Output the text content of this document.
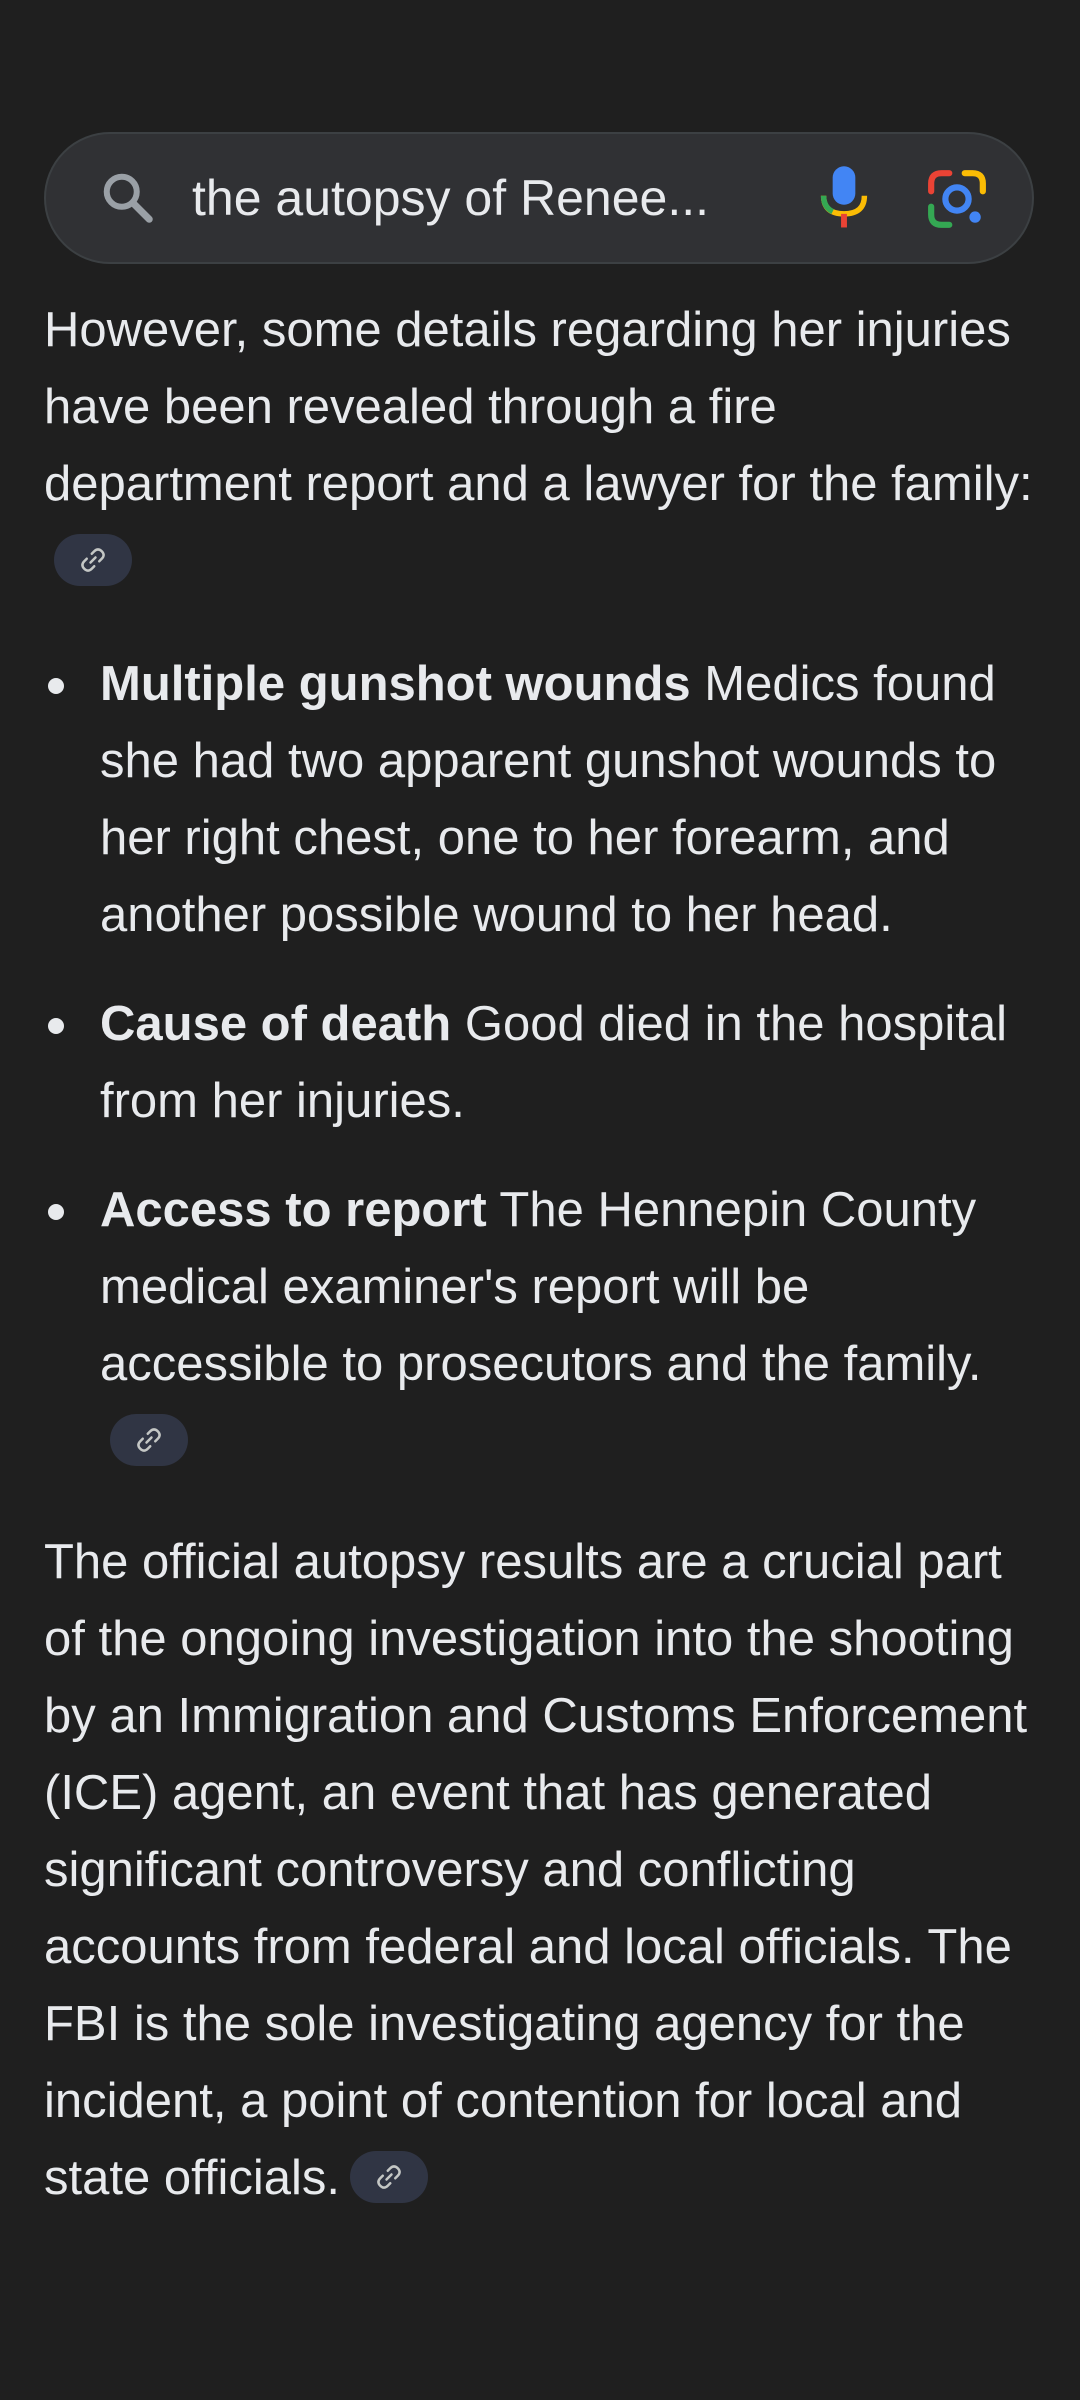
the autopsy of Renee...

However, some details regarding her injuries have been revealed through a fire department report and a lawyer for the family:

Multiple gunshot wounds Medics found she had two apparent gunshot wounds to her right chest, one to her forearm, and another possible wound to her head.
Cause of death Good died in the hospital from her injuries.
Access to report The Hennepin County medical examiner's report will be accessible to prosecutors and the family.

The official autopsy results are a crucial part of the ongoing investigation into the shooting by an Immigration and Customs Enforcement (ICE) agent, an event that has generated significant controversy and conflicting accounts from federal and local officials. The FBI is the sole investigating agency for the incident, a point of contention for local and state officials.
